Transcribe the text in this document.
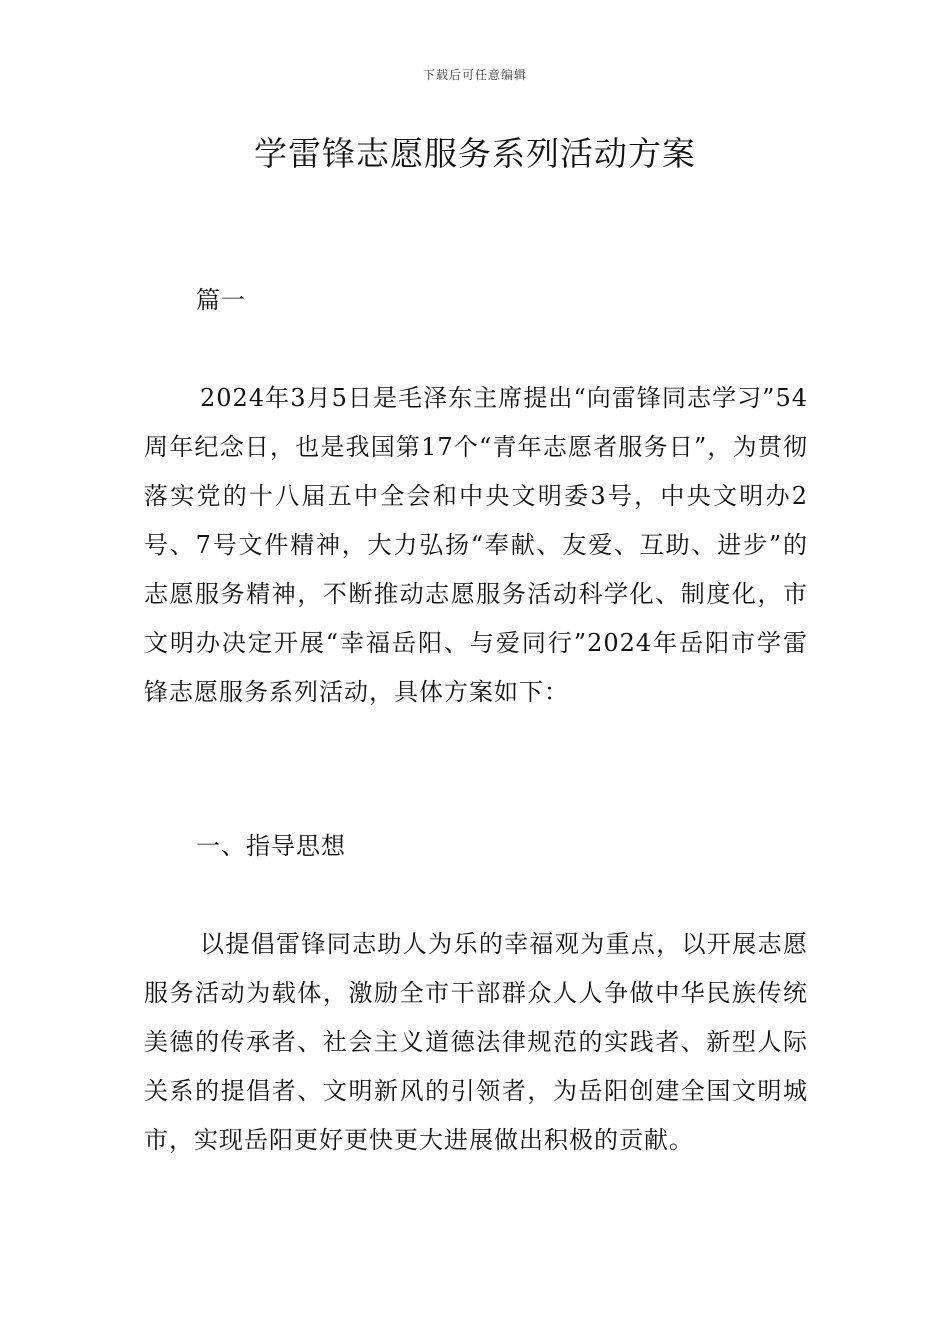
下载后可任意编辑
学雷锋志愿服务系列活动方案
篇一
2024年3月5日是毛泽东主席提出“向雷锋同志学习”54周年纪念日，也是我国第17个“青年志愿者服务日”，为贯彻落实党的十八届五中全会和中央文明委3号，中央文明办2号、7号文件精神，大力弘扬“奉献、友爱、互助、进步”的志愿服务精神，不断推动志愿服务活动科学化、制度化，市文明办决定开展“幸福岳阳、与爱同行”2024年岳阳市学雷锋志愿服务系列活动，具体方案如下：
一、指导思想
以提倡雷锋同志助人为乐的幸福观为重点，以开展志愿服务活动为载体，激励全市干部群众人人争做中华民族传统美德的传承者、社会主义道德法律规范的实践者、新型人际关系的提倡者、文明新风的引领者，为岳阳创建全国文明城市，实现岳阳更好更快更大进展做出积极的贡献。
